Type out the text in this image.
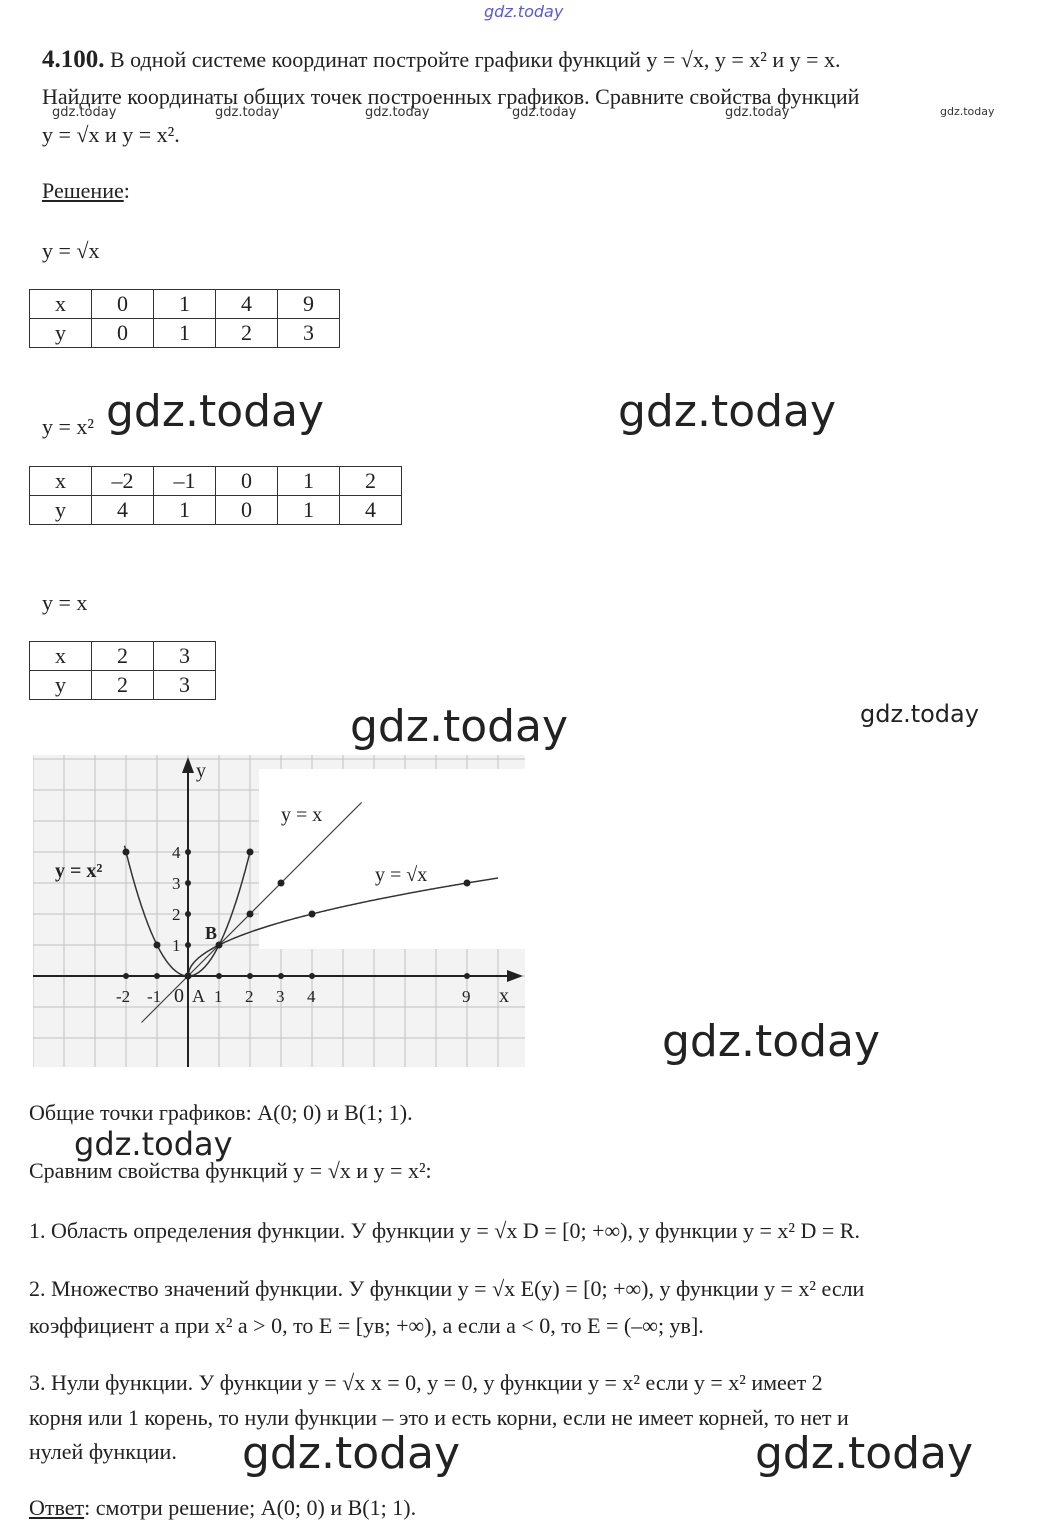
gdz.today
gdz.today	gdz.today	gdz.today	gdz.today	gdz.today	gdz.today
4.100. В одной системе координат постройте графики функций y = √x, y = x² и y = x.
Найдите координаты общих точек построенных графиков. Сравните свойства функций
y = √x и y = x².
Решение:
y = √x
x	0	1	4	9
y	0	1	2	3
y = x² gdz.today	gdz.today
x	–2	–1	0	1	2
y	4	1	0	1	4
y = x
x	2	3
y	2	3
gdz.today	gdz.today
x
y
-2 -1	1 2 3 4	9
1
2
3
4
0 A
B
y = x²
y = x
y = √x
gdz.today
Общие точки графиков: A(0; 0) и B(1; 1).
gdz.today
Сравним свойства функций y = √x и y = x²:
1. Область определения функции. У функции y = √x D = [0; +∞), у функции y = x² D = R.
2. Множество значений функции. У функции y = √x E(y) = [0; +∞), у функции y = x² если
коэффициент a при x² a > 0, то E = [yв; +∞), а если a < 0, то E = (–∞; yв].
3. Нули функции. У функции y = √x x = 0, y = 0, у функции y = x² если y = x² имеет 2
корня или 1 корень, то нули функции – это и есть корни, если не имеет корней, то нет и
нулей функции. gdz.today	gdz.today
Ответ: смотри решение; A(0; 0) и B(1; 1).
